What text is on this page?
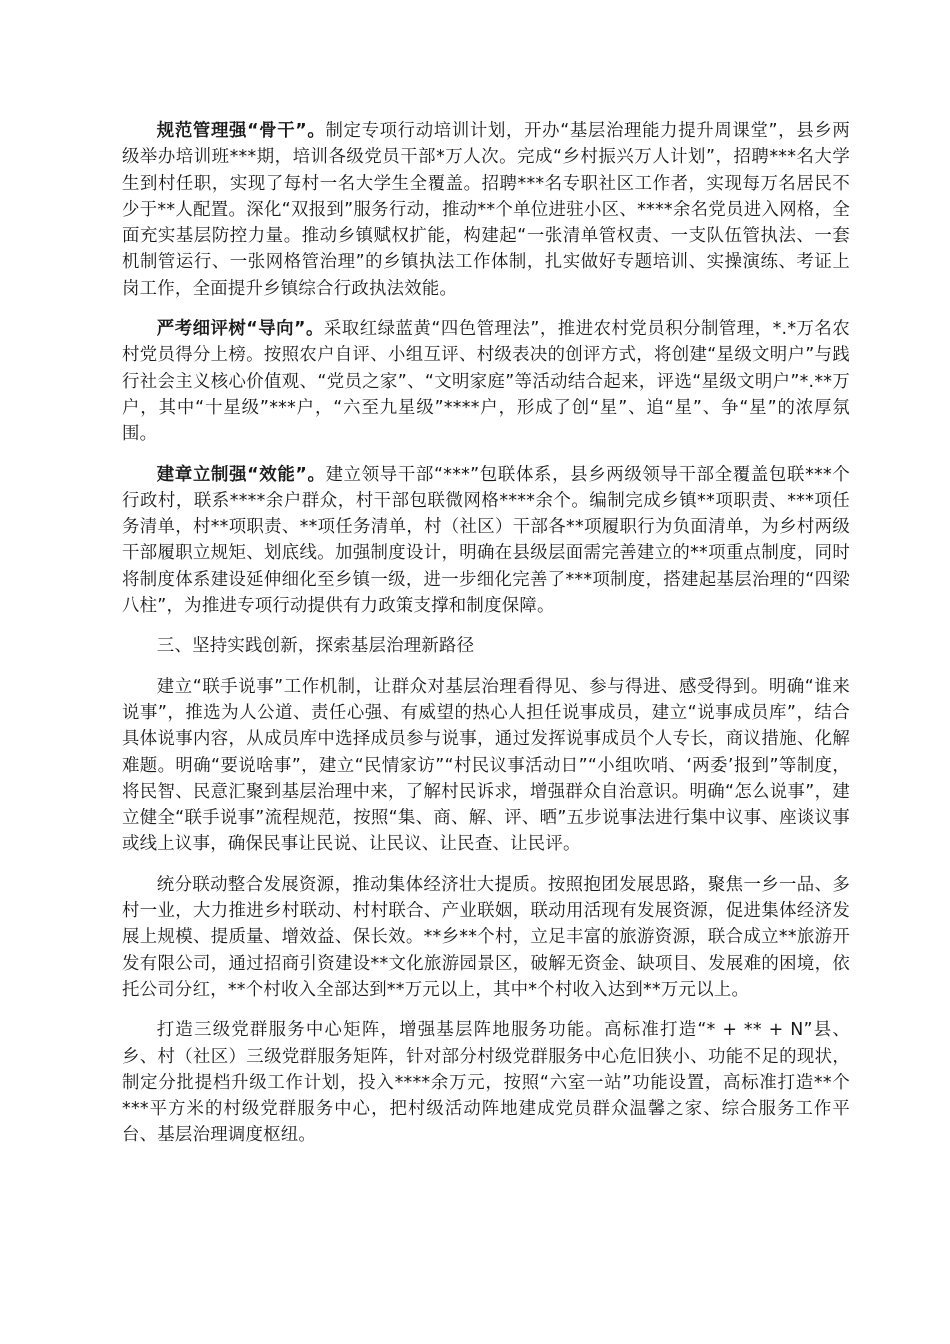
规范管理强“骨干”。制定专项行动培训计划，开办“基层治理能力提升周课堂”，县乡两级举办培训班***期，培训各级党员干部*万人次。完成“乡村振兴万人计划”，招聘***名大学生到村任职，实现了每村一名大学生全覆盖。招聘***名专职社区工作者，实现每万名居民不少于**人配置。深化“双报到”服务行动，推动**个单位进驻小区、****余名党员进入网格，全面充实基层防控力量。推动乡镇赋权扩能，构建起“一张清单管权责、一支队伍管执法、一套机制管运行、一张网格管治理”的乡镇执法工作体制，扎实做好专题培训、实操演练、考证上岗工作，全面提升乡镇综合行政执法效能。

严考细评树“导向”。采取红绿蓝黄“四色管理法”，推进农村党员积分制管理，*.*万名农村党员得分上榜。按照农户自评、小组互评、村级表决的创评方式，将创建“星级文明户”与践行社会主义核心价值观、“党员之家”、“文明家庭”等活动结合起来，评选“星级文明户”*.**万户，其中“十星级”***户，“六至九星级”****户，形成了创“星”、追“星”、争“星”的浓厚氛围。

建章立制强“效能”。建立领导干部“***”包联体系，县乡两级领导干部全覆盖包联***个行政村，联系****余户群众，村干部包联微网格****余个。编制完成乡镇**项职责、***项任务清单，村**项职责、**项任务清单，村（社区）干部各**项履职行为负面清单，为乡村两级干部履职立规矩、划底线。加强制度设计，明确在县级层面需完善建立的**项重点制度，同时将制度体系建设延伸细化至乡镇一级，进一步细化完善了***项制度，搭建起基层治理的“四梁八柱”，为推进专项行动提供有力政策支撑和制度保障。

三、坚持实践创新，探索基层治理新路径

建立“联手说事”工作机制，让群众对基层治理看得见、参与得进、感受得到。明确“谁来说事”，推选为人公道、责任心强、有威望的热心人担任说事成员，建立“说事成员库”，结合具体说事内容，从成员库中选择成员参与说事，通过发挥说事成员个人专长，商议措施、化解难题。明确“要说啥事”，建立“民情家访”“村民议事活动日”“小组吹哨、‘两委’报到”等制度，将民智、民意汇聚到基层治理中来，了解村民诉求，增强群众自治意识。明确“怎么说事”，建立健全“联手说事”流程规范，按照“集、商、解、评、晒”五步说事法进行集中议事、座谈议事或线上议事，确保民事让民说、让民议、让民查、让民评。

统分联动整合发展资源，推动集体经济壮大提质。按照抱团发展思路，聚焦一乡一品、多村一业，大力推进乡村联动、村村联合、产业联姻，联动用活现有发展资源，促进集体经济发展上规模、提质量、增效益、保长效。**乡**个村，立足丰富的旅游资源，联合成立**旅游开发有限公司，通过招商引资建设**文化旅游园景区，破解无资金、缺项目、发展难的困境，依托公司分红，**个村收入全部达到**万元以上，其中*个村收入达到**万元以上。

打造三级党群服务中心矩阵，增强基层阵地服务功能。高标准打造“* + ** + N”县、乡、村（社区）三级党群服务矩阵，针对部分村级党群服务中心危旧狭小、功能不足的现状，制定分批提档升级工作计划，投入****余万元，按照“六室一站”功能设置，高标准打造**个***平方米的村级党群服务中心，把村级活动阵地建成党员群众温馨之家、综合服务工作平台、基层治理调度枢纽。
